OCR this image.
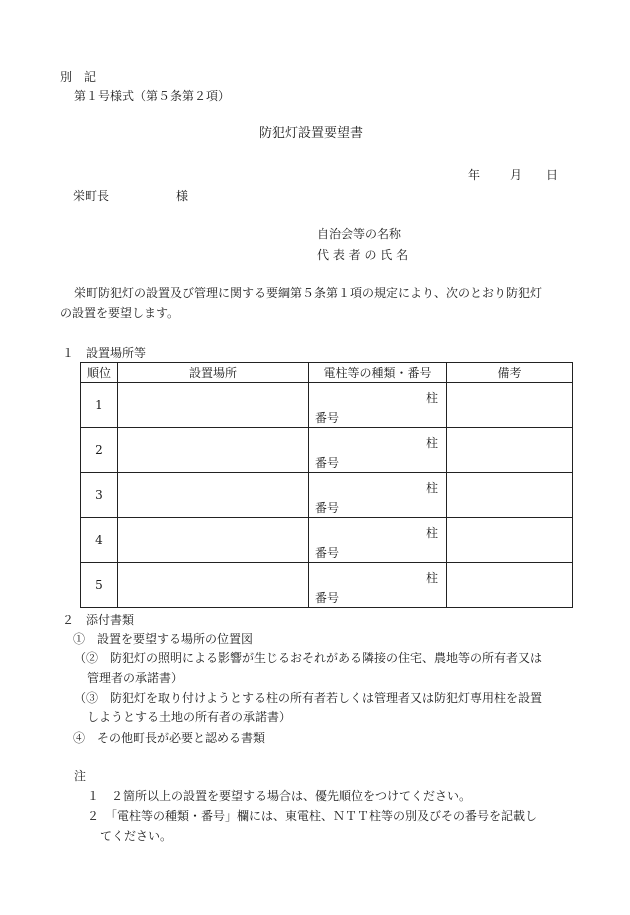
別　記
第１号様式（第５条第２項）
防犯灯設置要望書
年 月 日
栄町長	様
自治会等の名称
代 表 者 の 氏 名
栄町防犯灯の設置及び管理に関する要綱第５条第１項の規定により、次のとおり防犯灯
の設置を要望します。
１　設置場所等
順位	設置場所	電柱等の種類・番号	備考
1		柱
番号	

2		柱
番号	

3		柱
番号	

4		柱
番号	

5		柱
番号	

２　添付書類
①　設置を要望する場所の位置図
（②　防犯灯の照明による影響が生じるおそれがある隣接の住宅、農地等の所有者又は
管理者の承諾書）
（③　防犯灯を取り付けようとする柱の所有者若しくは管理者又は防犯灯専用柱を設置
しようとする土地の所有者の承諾書）
④　その他町長が必要と認める書類
注
１　２箇所以上の設置を要望する場合は、優先順位をつけてください。
２　「電柱等の種類・番号」欄には、東電柱、ＮＴＴ柱等の別及びその番号を記載し
てください。
